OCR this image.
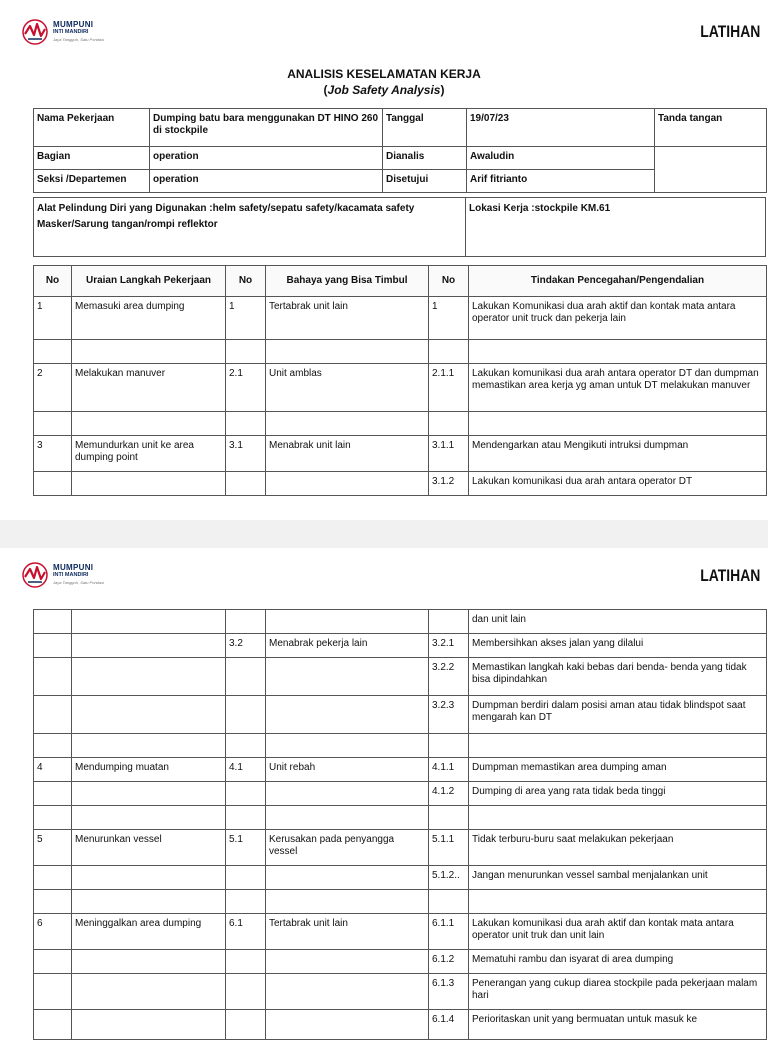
MUMPUNI
INTI MANDIRI
Jaya Tangguh, Satu Pondasi	LATIHAN
ANALISIS KESELAMATAN KERJA
(Job Safety Analysis)
Nama Pekerjaan	Dumping batu bara menggunakan DT HINO 260 di stockpile	Tanggal	19/07/23	Tanda tangan
Bagian	operation	Dianalis	Awaludin	
Seksi /Departemen	operation	Disetujui	Arif fitrianto	
Alat Pelindung Diri yang Digunakan :helm safety/sepatu safety/kacamata safety
Masker/Sarung tangan/rompi reflektor
Lokasi Kerja :stockpile KM.61
No	Uraian Langkah Pekerjaan	No	Bahaya yang Bisa Timbul	No	Tindakan Pencegahan/Pengendalian
1	Memasuki area dumping	1	Tertabrak unit lain	1	Lakukan Komunikasi dua arah aktif dan kontak mata antara operator unit truck dan pekerja lain

2	Melakukan manuver	2.1	Unit amblas	2.1.1	Lakukan komunikasi dua arah antara operator DT dan dumpman memastikan area kerja yg aman untuk DT melakukan manuver

3	Memundurkan unit ke area dumping point	3.1	Menabrak unit lain	3.1.1	Mendengarkan atau Mengikuti intruksi dumpman
				3.1.2	Lakukan komunikasi dua arah antara operator DT
MUMPUNI
INTI MANDIRI
Jaya Tangguh, Satu Pondasi	LATIHAN
					dan unit lain
		3.2	Menabrak pekerja lain	3.2.1	Membersihkan akses jalan yang dilalui
				3.2.2	Memastikan langkah kaki bebas dari benda- benda yang tidak bisa dipindahkan
				3.2.3	Dumpman berdiri dalam posisi aman atau tidak blindspot saat mengarah kan DT

4	Mendumping muatan	4.1	Unit rebah	4.1.1	Dumpman memastikan area dumping aman
				4.1.2	Dumping di area yang rata tidak beda tinggi

5	Menurunkan vessel	5.1	Kerusakan pada penyangga vessel	5.1.1	Tidak terburu-buru saat melakukan pekerjaan
				5.1.2..	Jangan menurunkan vessel sambal menjalankan unit

6	Meninggalkan area dumping	6.1	Tertabrak unit lain	6.1.1	Lakukan komunikasi dua arah aktif dan kontak mata antara operator unit truk dan unit lain
				6.1.2	Mematuhi rambu dan isyarat di area dumping
				6.1.3	Penerangan yang cukup diarea stockpile pada pekerjaan malam hari
				6.1.4	Perioritaskan unit yang bermuatan untuk masuk ke
